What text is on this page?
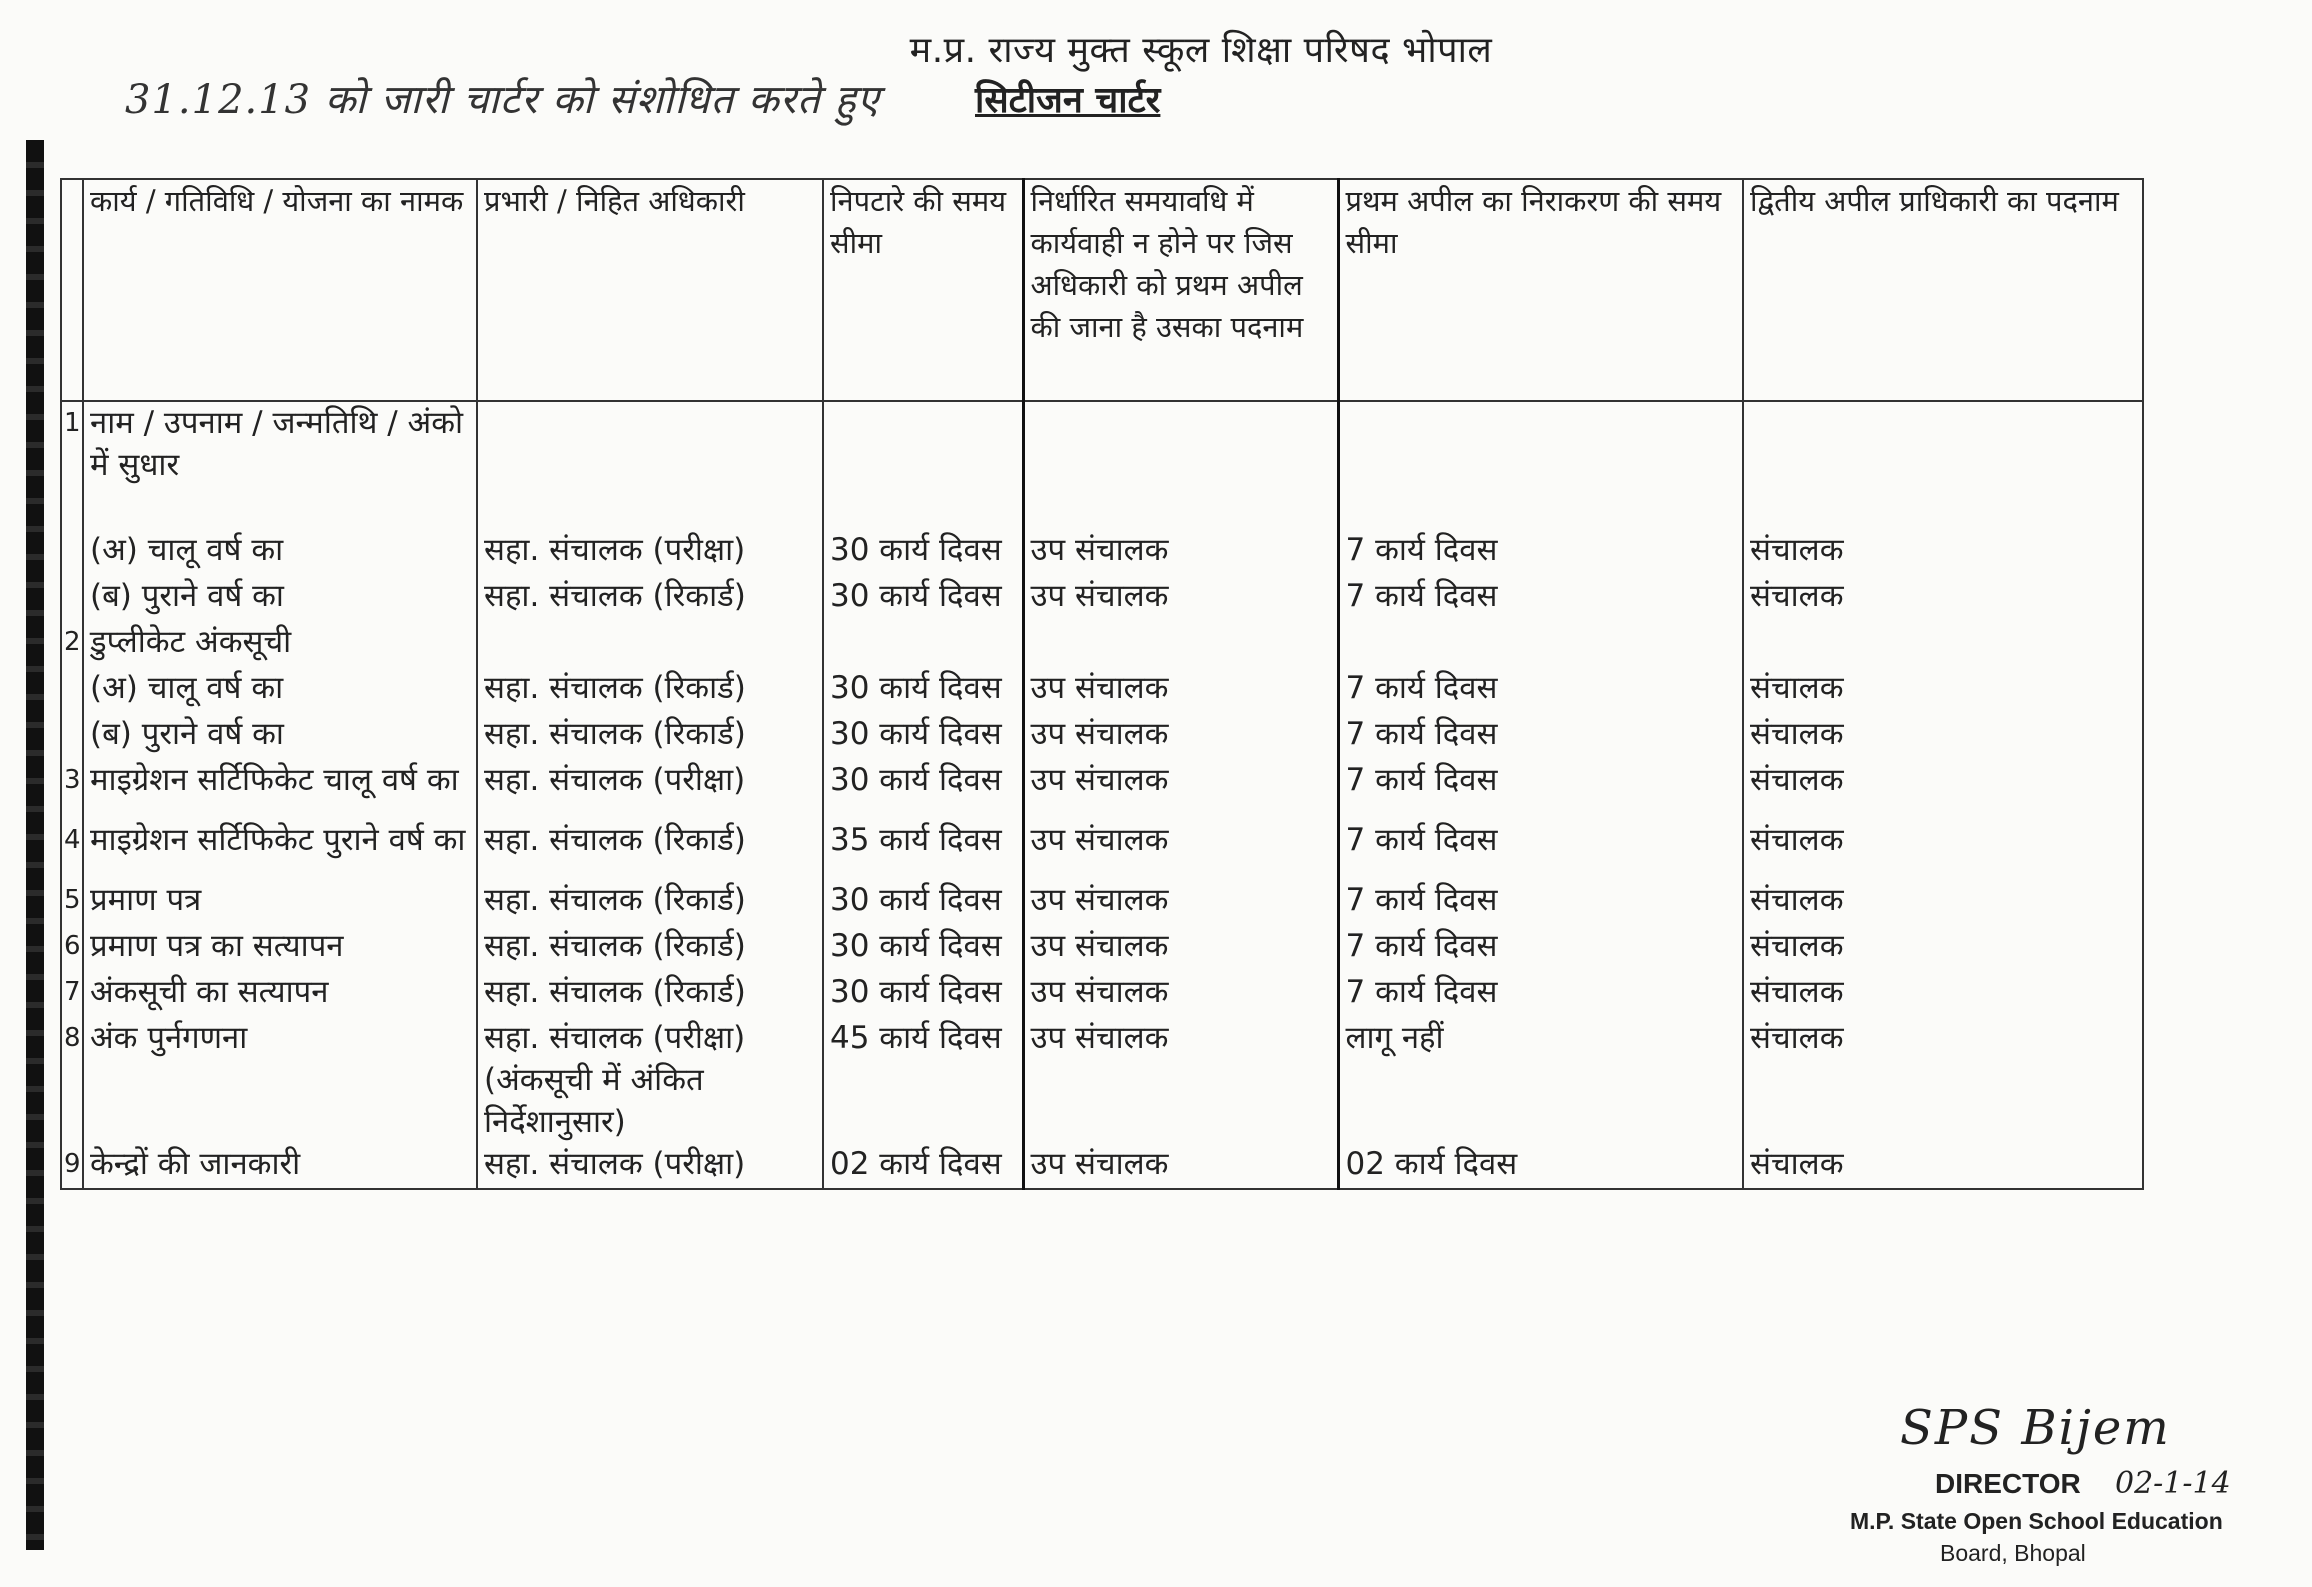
म.प्र. राज्य मुक्त स्कूल शिक्षा परिषद भोपाल
31.12.13 को जारी चार्टर को संशोधित करते हुए	सिटीजन चार्टर
	कार्य / गतिविधि / योजना का नामक	प्रभारी / निहित अधिकारी	निपटारे की समय सीमा	निर्धारित समयावधि में कार्यवाही न होने पर जिस अधिकारी को प्रथम अपील की जाना है उसका पदनाम	प्रथम अपील का निराकरण की समय सीमा	द्वितीय अपील प्राधिकारी का पदनाम
1	नाम / उपनाम / जन्मतिथि / अंको में सुधार					
	(अ) चालू वर्ष का	सहा. संचालक (परीक्षा)	30 कार्य दिवस	उप संचालक	7 कार्य दिवस	संचालक
	(ब) पुराने वर्ष का	सहा. संचालक (रिकार्ड)	30 कार्य दिवस	उप संचालक	7 कार्य दिवस	संचालक
2	डुप्लीकेट अंकसूची					
	(अ) चालू वर्ष का	सहा. संचालक (रिकार्ड)	30 कार्य दिवस	उप संचालक	7 कार्य दिवस	संचालक
	(ब) पुराने वर्ष का	सहा. संचालक (रिकार्ड)	30 कार्य दिवस	उप संचालक	7 कार्य दिवस	संचालक
3	माइग्रेशन सर्टिफिकेट चालू वर्ष का	सहा. संचालक (परीक्षा)	30 कार्य दिवस	उप संचालक	7 कार्य दिवस	संचालक
4	माइग्रेशन सर्टिफिकेट पुराने वर्ष का	सहा. संचालक (रिकार्ड)	35 कार्य दिवस	उप संचालक	7 कार्य दिवस	संचालक
5	प्रमाण पत्र	सहा. संचालक (रिकार्ड)	30 कार्य दिवस	उप संचालक	7 कार्य दिवस	संचालक
6	प्रमाण पत्र का सत्यापन	सहा. संचालक (रिकार्ड)	30 कार्य दिवस	उप संचालक	7 कार्य दिवस	संचालक
7	अंकसूची का सत्यापन	सहा. संचालक (रिकार्ड)	30 कार्य दिवस	उप संचालक	7 कार्य दिवस	संचालक
8	अंक पुर्नगणना	सहा. संचालक (परीक्षा) (अंकसूची में अंकित निर्देशानुसार)	45 कार्य दिवस	उप संचालक	लागू नहीं	संचालक
9	केन्द्रों की जानकारी	सहा. संचालक (परीक्षा)	02 कार्य दिवस	उप संचालक	02 कार्य दिवस	संचालक
SPS Bijem
DIRECTOR 02-1-14
M.P. State Open School Education
Board, Bhopal
